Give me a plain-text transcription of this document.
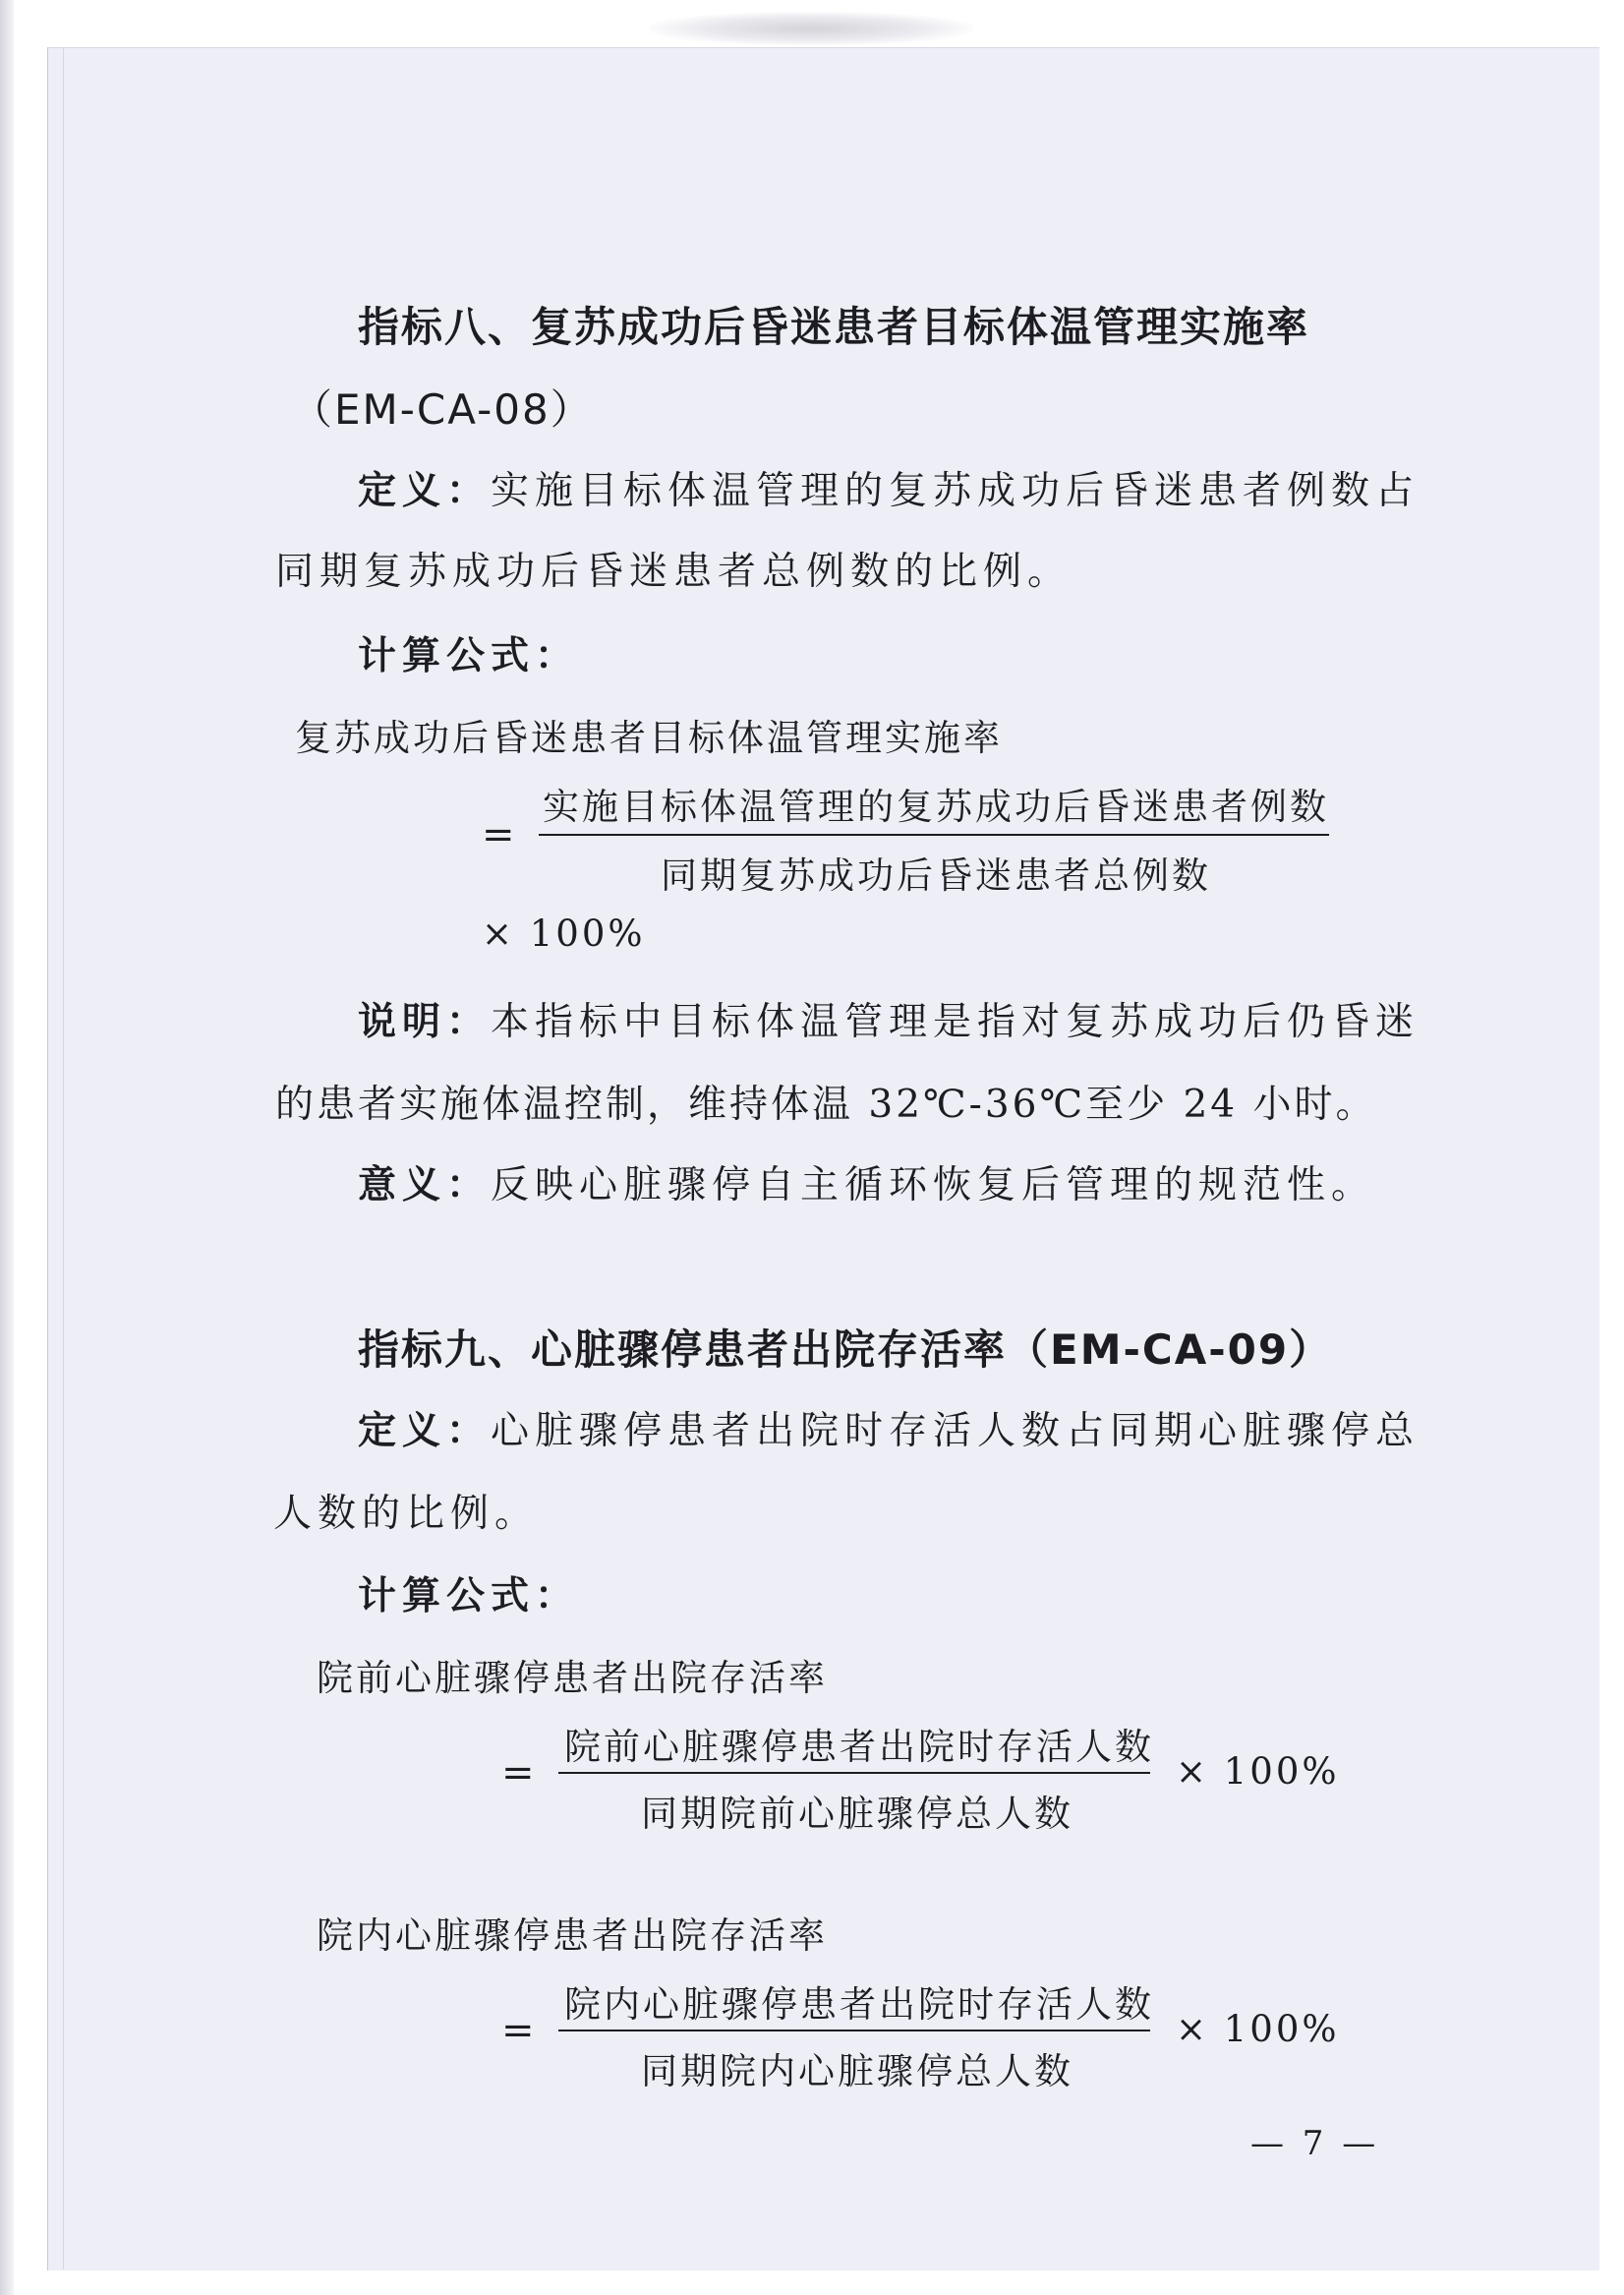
指标八、复苏成功后昏迷患者目标体温管理实施率
（EM-CA-08）
定义：实施目标体温管理的复苏成功后昏迷患者例数占
同期复苏成功后昏迷患者总例数的比例。
计算公式：
复苏成功后昏迷患者目标体温管理实施率
=
实施目标体温管理的复苏成功后昏迷患者例数
同期复苏成功后昏迷患者总例数
× 100%
说明：本指标中目标体温管理是指对复苏成功后仍昏迷
的患者实施体温控制，维持体温 32℃-36℃至少 24 小时。
意义：反映心脏骤停自主循环恢复后管理的规范性。
指标九、心脏骤停患者出院存活率（EM-CA-09）
定义：心脏骤停患者出院时存活人数占同期心脏骤停总
人数的比例。
计算公式：
院前心脏骤停患者出院存活率
=
院前心脏骤停患者出院时存活人数
同期院前心脏骤停总人数
× 100%
院内心脏骤停患者出院存活率
=
院内心脏骤停患者出院时存活人数
同期院内心脏骤停总人数
× 100%
— 7 —
